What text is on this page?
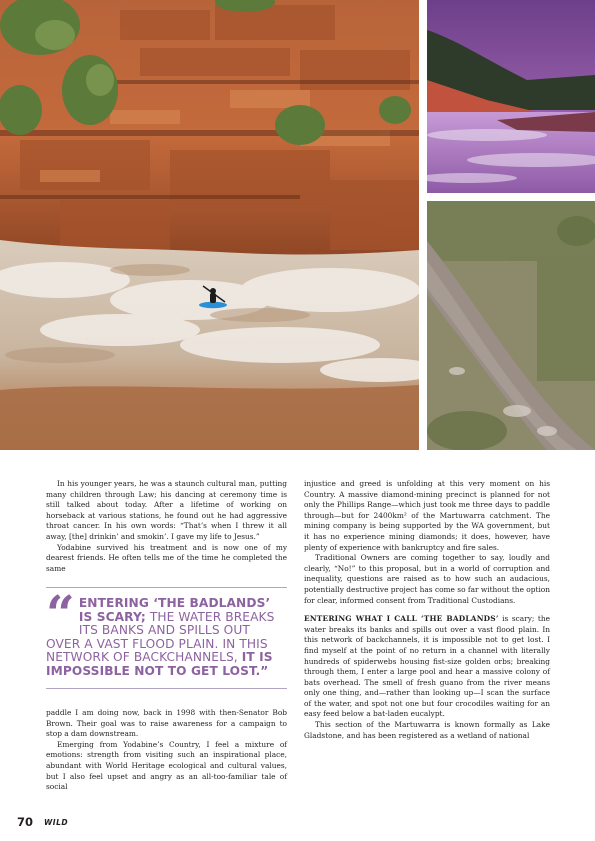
In his younger years, he was a staunch cultural man, putting many children through Law; his dancing at ceremony time is still talked about today. After a lifetime of working on horseback at various stations, he found out he had aggressive throat cancer. In his own words: “That’s when I threw it all away, [the] drinkin’ and smokin’. I gave my life to Jesus.”

Yodabine survived his treatment and is now one of my dearest friends. He often tells me of the time he completed the same

“ ENTERING ‘THE BADLANDS’ IS SCARY; THE WATER BREAKS ITS BANKS AND SPILLS OUT OVER A VAST FLOOD PLAIN. IN THIS NETWORK OF BACKCHANNELS, IT IS IMPOSSIBLE NOT TO GET LOST.”

paddle I am doing now, back in 1998 with then-Senator Bob Brown. Their goal was to raise awareness for a campaign to stop a dam downstream.

Emerging from Yodabine’s Country, I feel a mixture of emotions: strength from visiting such an inspirational place, abundant with World Heritage ecological and cultural values, but I also feel upset and angry as an all-too-familiar tale of social

injustice and greed is unfolding at this very moment on his Country. A massive diamond-mining precinct is planned for not only the Phillips Range—which just took me three days to paddle through—but for 2400km² of the Martuwarra catchment. The mining company is being supported by the WA government, but it has no experience mining diamonds; it does, however, have plenty of experience with bankruptcy and fire sales.

Traditional Owners are coming together to say, loudly and clearly, “No!” to this proposal, but in a world of corruption and inequality, questions are raised as to how such an audacious, potentially destructive project has come so far without the option for clear, informed consent from Traditional Custodians.

ENTERING WHAT I CALL ‘THE BADLANDS’ is scary; the water breaks its banks and spills out over a vast flood plain. In this network of backchannels, it is impossible not to get lost. I find myself at the point of no return in a channel with literally hundreds of spiderwebs housing fist-size golden orbs; breaking through them, I enter a large pool and hear a massive colony of bats overhead. The smell of fresh guano from the river means only one thing, and—rather than looking up—I scan the surface of the water, and spot not one but four crocodiles waiting for an easy feed below a bat-laden eucalypt.

This section of the Martuwarra is known formally as Lake Gladstone, and has been registered as a wetland of national

70 WILD
